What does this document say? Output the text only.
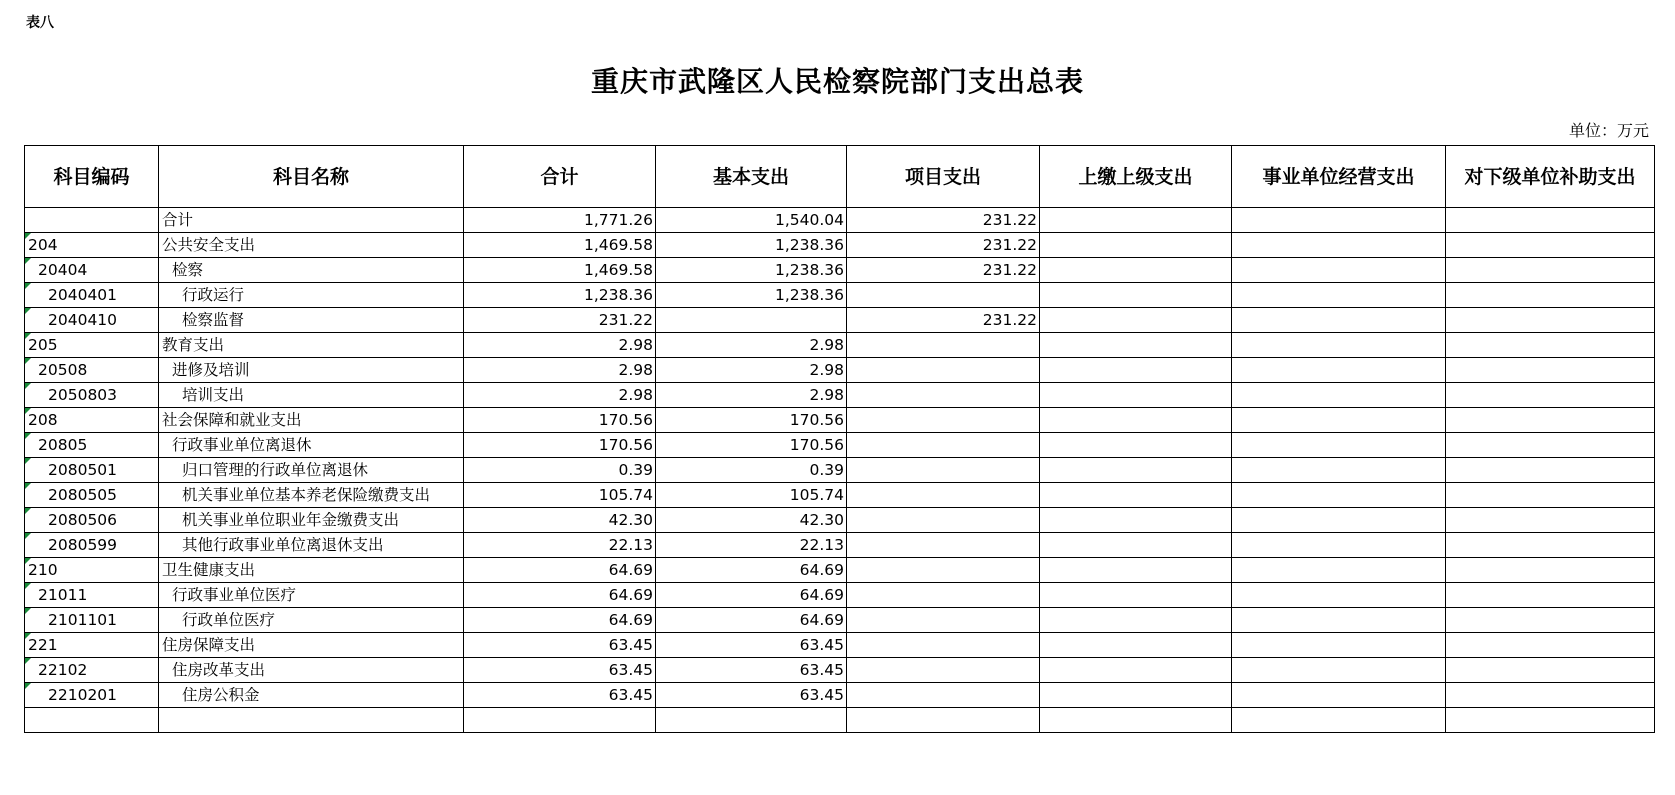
表八
重庆市武隆区人民检察院部门支出总表
单位：万元
科目编码	科目名称	合计	基本支出	项目支出	上缴上级支出	事业单位经营支出	对下级单位补助支出
	合计	1,771.26	1,540.04	231.22			
204	公共安全支出	1,469.58	1,238.36	231.22			
20404	检察	1,469.58	1,238.36	231.22			
2040401	行政运行	1,238.36	1,238.36				
2040410	检察监督	231.22		231.22			
205	教育支出	2.98	2.98				
20508	进修及培训	2.98	2.98				
2050803	培训支出	2.98	2.98				
208	社会保障和就业支出	170.56	170.56				
20805	行政事业单位离退休	170.56	170.56				
2080501	归口管理的行政单位离退休	0.39	0.39				
2080505	机关事业单位基本养老保险缴费支出	105.74	105.74				
2080506	机关事业单位职业年金缴费支出	42.30	42.30				
2080599	其他行政事业单位离退休支出	22.13	22.13				
210	卫生健康支出	64.69	64.69				
21011	行政事业单位医疗	64.69	64.69				
2101101	行政单位医疗	64.69	64.69				
221	住房保障支出	63.45	63.45				
22102	住房改革支出	63.45	63.45				
2210201	住房公积金	63.45	63.45				
